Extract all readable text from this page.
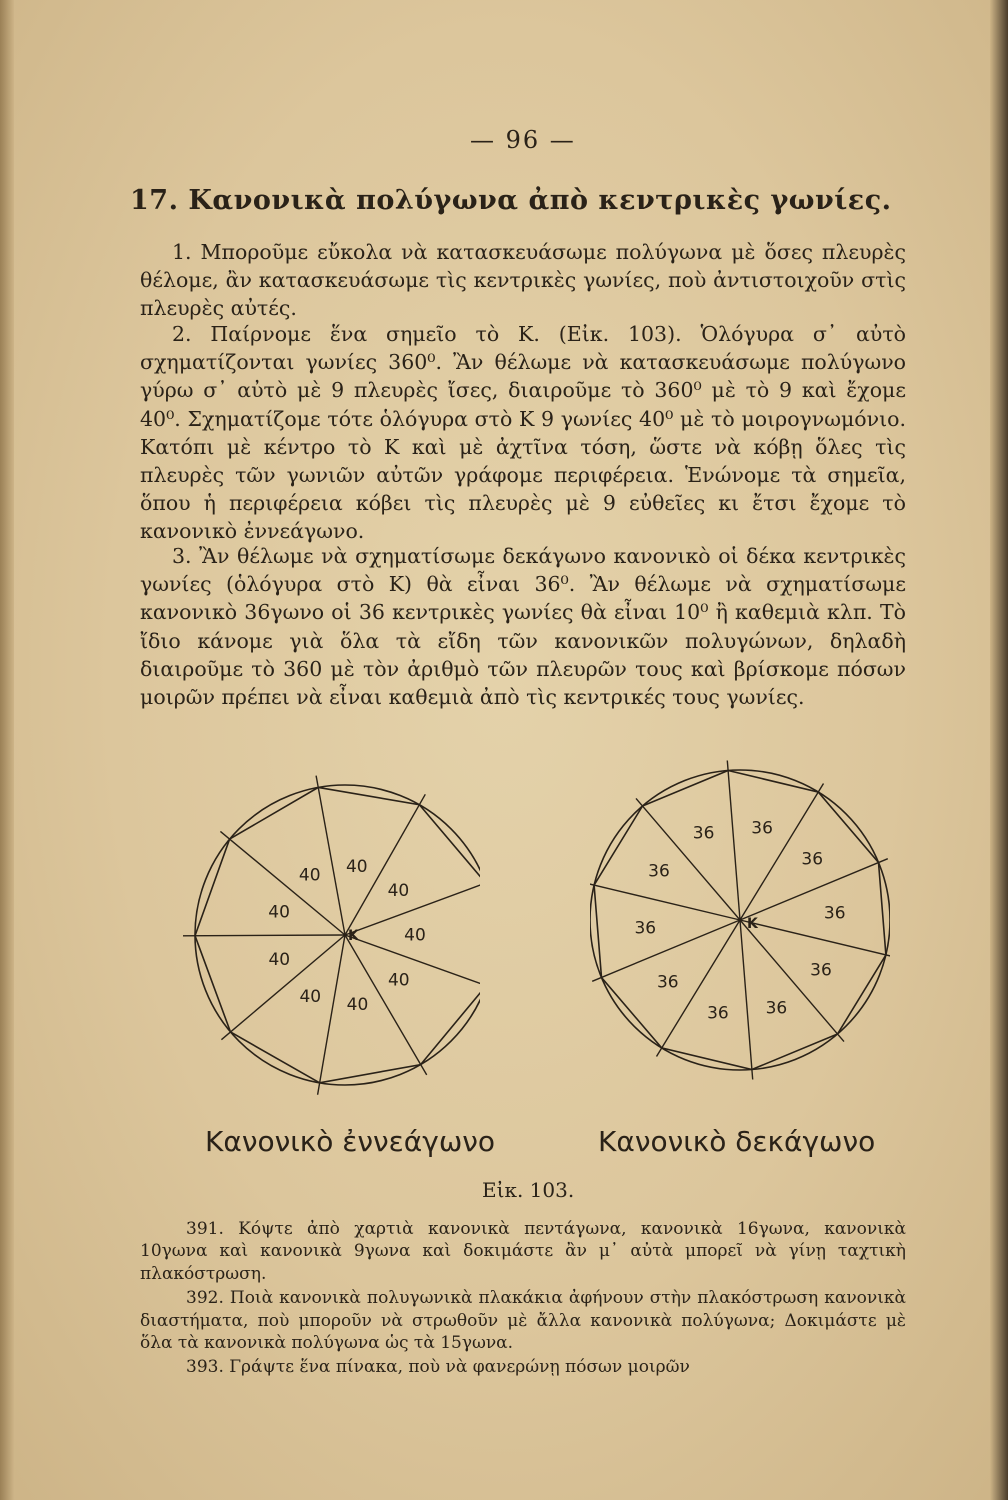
— 96 —
17. Κανονικὰ πολύγωνα ἀπὸ κεντρικὲς γωνίες.

1. Μποροῦμε εὔκολα νὰ κατασκευάσωμε πολύγωνα μὲ ὅσες πλευρὲς θέλομε, ἂν κατασκευάσωμε τὶς κεντρικὲς γωνίες, ποὺ ἀντιστοιχοῦν στὶς πλευρὲς αὐτές.

2. Παίρνομε ἕνα σημεῖο τὸ Κ. (Εἰκ. 103). Ὁλόγυρα σ᾽ αὐτὸ σχηματίζονται γωνίες 360⁰. Ἂν θέλωμε νὰ κατασκευάσωμε πολύγωνο γύρω σ᾽ αὐτὸ μὲ 9 πλευρὲς ἴσες, διαιροῦμε τὸ 360⁰ μὲ τὸ 9 καὶ ἔχομε 40⁰. Σχηματίζομε τότε ὁλόγυρα στὸ Κ 9 γωνίες 40⁰ μὲ τὸ μοιρογνωμόνιο. Κατόπι μὲ κέντρο τὸ Κ καὶ μὲ ἀχτῖνα τόση, ὥστε νὰ κόβῃ ὅλες τὶς πλευρὲς τῶν γωνιῶν αὐτῶν γράφομε περιφέρεια. Ἑνώνομε τὰ σημεῖα, ὅπου ἡ περιφέρεια κόβει τὶς πλευρὲς μὲ 9 εὐθεῖες κι ἔτσι ἔχομε τὸ κανονικὸ ἐννεάγωνο.

3. Ἂν θέλωμε νὰ σχηματίσωμε δεκάγωνο κανονικὸ οἱ δέκα κεντρικὲς γωνίες (ὁλόγυρα στὸ Κ) θὰ εἶναι 36⁰. Ἂν θέλωμε νὰ σχηματίσωμε κανονικὸ 36γωνο οἱ 36 κεντρικὲς γωνίες θὰ εἶναι 10⁰ ἢ καθεμιὰ κλπ. Τὸ ἴδιο κάνομε γιὰ ὅλα τὰ εἴδη τῶν κανονικῶν πολυγώνων, δηλαδὴ διαιροῦμε τὸ 360 μὲ τὸν ἀριθμὸ τῶν πλευρῶν τους καὶ βρίσκομε πόσων μοιρῶν πρέπει νὰ εἶναι καθεμιὰ ἀπὸ τὶς κεντρικές τους γωνίες.

40
40
40
40
40
40
40
40
40
Κ
36
36
36
36
36
36
36
36
36
36
Κ
Κανονικὸ ἐννεάγωνο	Κανονικὸ δεκάγωνο
Εἰκ. 103.

391. Κόψτε ἀπὸ χαρτιὰ κανονικὰ πεντάγωνα, κανονικὰ 16γωνα, κανονικὰ 10γωνα καὶ κανονικὰ 9γωνα καὶ δοκιμάστε ἂν μ᾽ αὐτὰ μπορεῖ νὰ γίνῃ ταχτικὴ πλακόστρωση.

392. Ποιὰ κανονικὰ πολυγωνικὰ πλακάκια ἀφήνουν στὴν πλακόστρωση κανονικὰ διαστήματα, ποὺ μποροῦν νὰ στρωθοῦν μὲ ἄλλα κανονικὰ πολύγωνα; Δοκιμάστε μὲ ὅλα τὰ κανονικὰ πολύγωνα ὡς τὰ 15γωνα.

393. Γράψτε ἕνα πίνακα, ποὺ νὰ φανερώνῃ πόσων μοιρῶν
